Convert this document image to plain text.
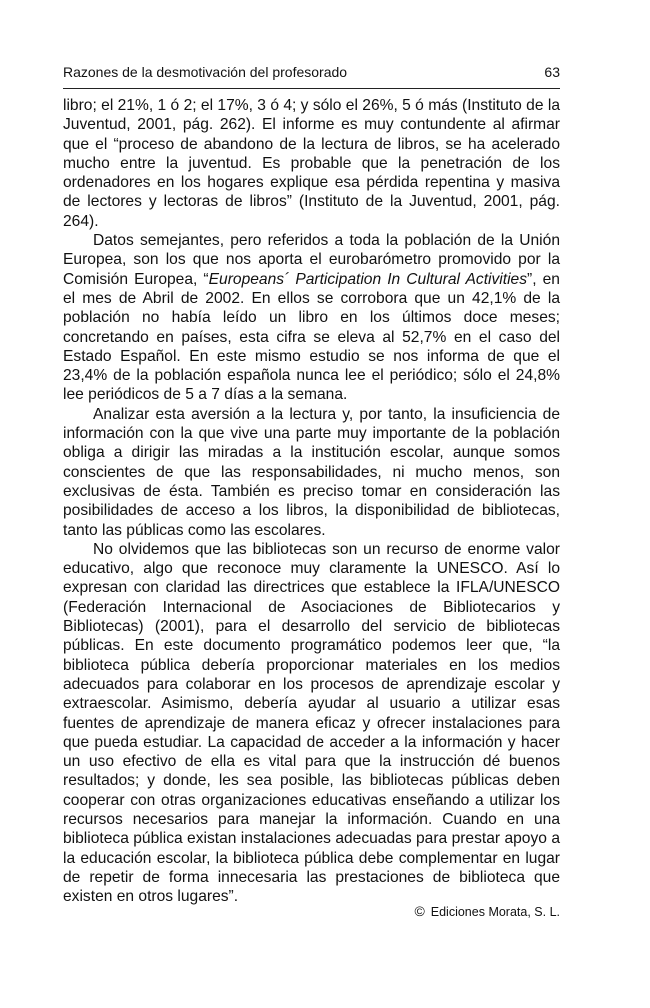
Razones de la desmotivación del profesorado	63

libro; el 21%, 1 ó 2; el 17%, 3 ó 4; y sólo el 26%, 5 ó más (Instituto de la Juventud, 2001, pág. 262). El informe es muy contundente al afirmar que el “proceso de abandono de la lectura de libros, se ha acelerado mucho entre la juventud. Es probable que la penetración de los ordenadores en los hogares explique esa pérdida repentina y masiva de lectores y lectoras de libros” (Instituto de la Juventud, 2001, pág. 264).

Datos semejantes, pero referidos a toda la población de la Unión Europea, son los que nos aporta el eurobarómetro promovido por la Comisión Europea, “Europeans´ Participation In Cultural Activities”, en el mes de Abril de 2002. En ellos se corrobora que un 42,1% de la población no había leído un libro en los últimos doce meses; concretando en países, esta cifra se eleva al 52,7% en el caso del Estado Español. En este mismo estudio se nos informa de que el 23,4% de la población española nunca lee el periódico; sólo el 24,8% lee periódicos de 5 a 7 días a la semana.

Analizar esta aversión a la lectura y, por tanto, la insuficiencia de información con la que vive una parte muy importante de la población obliga a dirigir las miradas a la institución escolar, aunque somos conscientes de que las responsabilidades, ni mucho menos, son exclusivas de ésta. También es preciso tomar en consideración las posibilidades de acceso a los libros, la disponibilidad de bibliotecas, tanto las públicas como las escolares.

No olvidemos que las bibliotecas son un recurso de enorme valor educativo, algo que reconoce muy claramente la UNESCO. Así lo expresan con claridad las directrices que establece la IFLA/UNESCO (Federación Internacional de Asociaciones de Bibliotecarios y Bibliotecas) (2001), para el desarrollo del servicio de bibliotecas públicas. En este documento programático podemos leer que, “la biblioteca pública debería proporcionar materiales en los medios adecuados para colaborar en los procesos de aprendizaje escolar y extraescolar. Asimismo, debería ayudar al usuario a utilizar esas fuentes de aprendizaje de manera eficaz y ofrecer instalaciones para que pueda estudiar. La capacidad de acceder a la información y hacer un uso efectivo de ella es vital para que la instrucción dé buenos resultados; y donde, les sea posible, las bibliotecas públicas deben cooperar con otras organizaciones educativas enseñando a utilizar los recursos necesarios para manejar la información. Cuando en una biblioteca pública existan instalaciones adecuadas para prestar apoyo a la educación escolar, la biblioteca pública debe complementar en lugar de repetir de forma innecesaria las prestaciones de biblioteca que existen en otros lugares”.

© Ediciones Morata, S. L.
